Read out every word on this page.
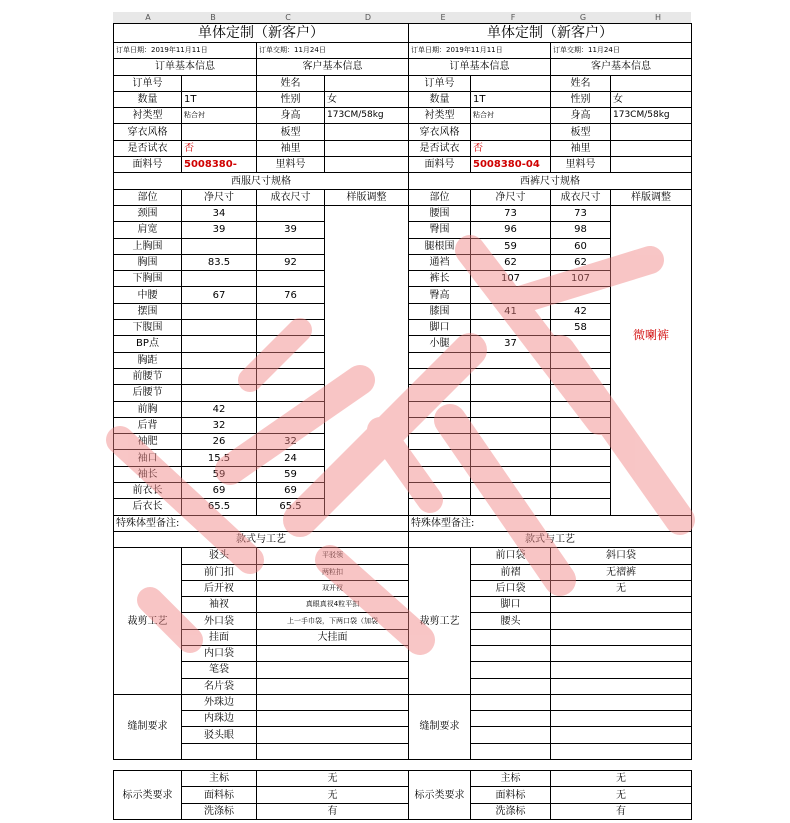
A	B	C	D	E	F	G	H
单体定制（新客户）			
订单日期：2019年11月11日		订单交期：11月24日	
订单基本信息		客户基本信息	
订单号		姓名	
数量	1T	性别	女
衬类型	粘合衬	身高	173CM/58kg
穿衣风格		板型	
是否试衣	否	袖里	
面料号	5008380-	里料号	
西服尺寸规格			
部位	净尺寸	成衣尺寸	样版调整
颈围	34		
肩宽	39	39	
上胸围			
胸围	83.5	92	
下胸围			
中腰	67	76	
摆围			
下腹围			
BP点			
胸距			
前腰节			
后腰节			
前胸	42		
后背	32		
袖肥	26	32	
袖口	15.5	24	
袖长	59	59	
前衣长	69	69	
后衣长	65.5	65.5	
特殊体型备注:			
款式与工艺			
裁剪工艺	驳头	平驳领	
	前门扣	两粒扣	
	后开衩	双开衩	
	袖衩	真眼真衩4粒平扣	
	外口袋	上一手巾袋，下两口袋（加袋	
	挂面	大挂面	
	内口袋		
	笔袋		
	名片袋		
缝制要求	外珠边		
	内珠边		
	驳头眼		

标示类要求	主标	无	
	面料标	无	
	洗涤标	有	
单体定制（新客户）			
订单日期：2019年11月11日		订单交期：11月24日	
订单基本信息		客户基本信息	
订单号		姓名	
数量	1T	性别	女
衬类型	粘合衬	身高	173CM/58kg
穿衣风格		板型	
是否试衣	否	袖里	
面料号	5008380-04	里料号	
西裤尺寸规格			
部位	净尺寸	成衣尺寸	样版调整
腰围	73	73	微喇裤
臀围	96	98	
腿根围	59	60	
通裆	62	62	
裤长	107	107	
臀高			
膝围	41	42	
脚口		58	
小腿	37		

特殊体型备注:			
款式与工艺			
裁剪工艺	前口袋	斜口袋	
	前褶	无褶裤	
	后口袋	无	
	脚口		
	腰头		

缝制要求			

标示类要求	主标	无	
	面料标	无	
	洗涤标	有	
